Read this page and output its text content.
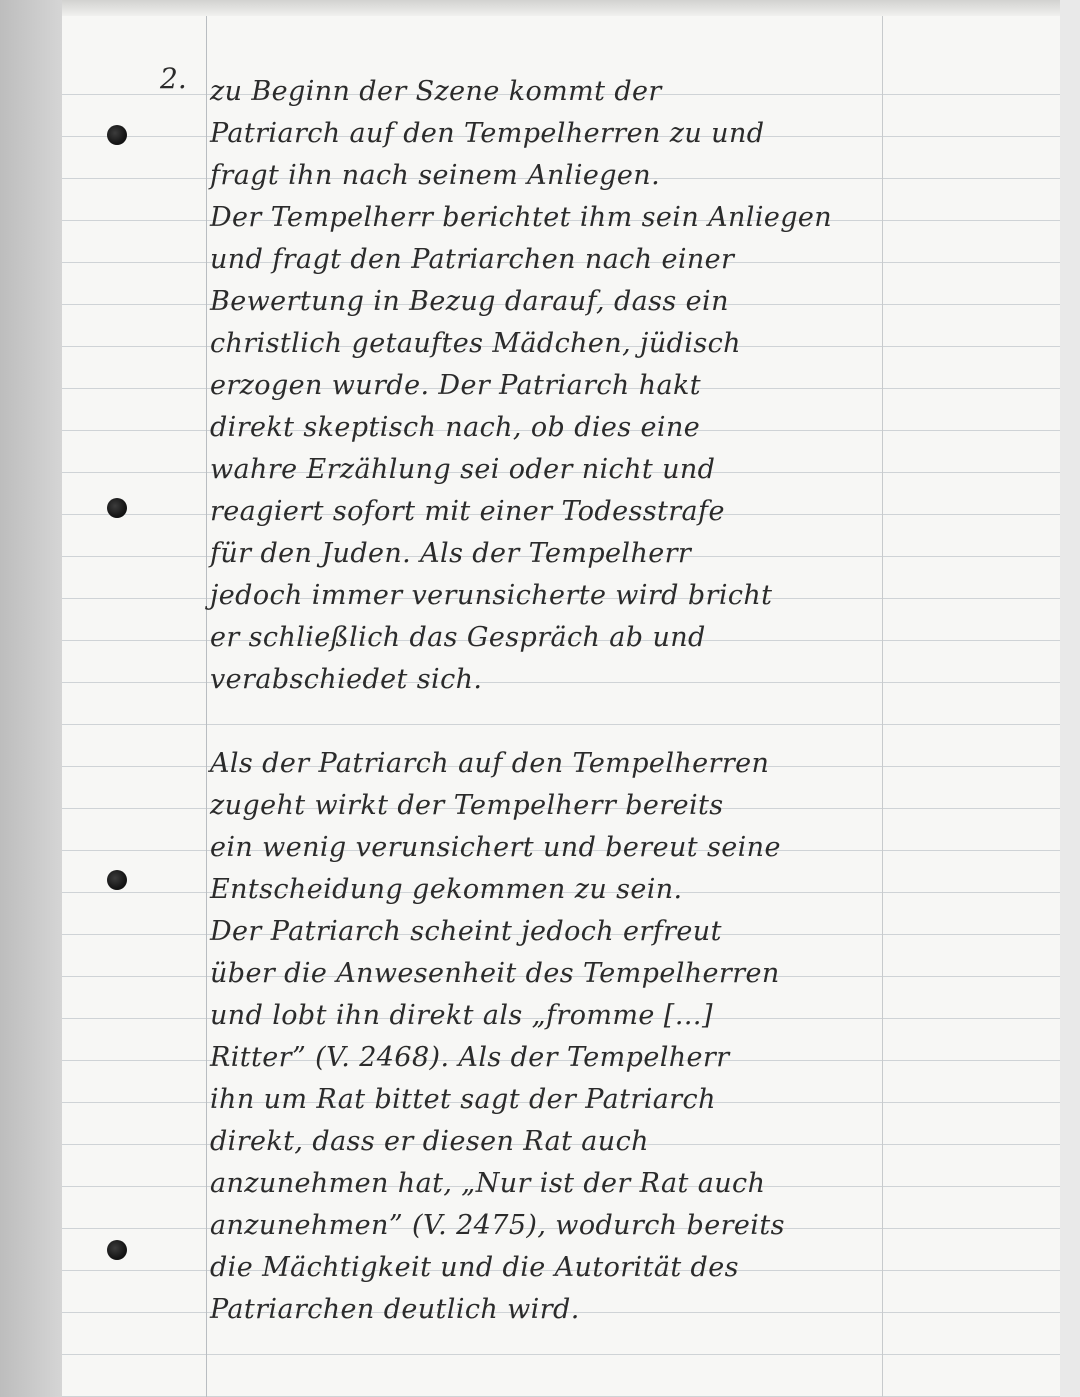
2. zu Beginn der Szene kommt der
Patriarch auf den Tempelherren zu und
fragt ihn nach seinem Anliegen.
Der Tempelherr berichtet ihm sein Anliegen
und fragt den Patriarchen nach einer
Bewertung in Bezug darauf, dass ein
christlich getauftes Mädchen, jüdisch
erzogen wurde. Der Patriarch hakt
direkt skeptisch nach, ob dies eine
wahre Erzählung sei oder nicht und
reagiert sofort mit einer Todesstrafe
für den Juden. Als der Tempelherr
jedoch immer verunsicherte wird bricht
er schließlich das Gespräch ab und
verabschiedet sich.
Als der Patriarch auf den Tempelherren
zugeht wirkt der Tempelherr bereits
ein wenig verunsichert und bereut seine
Entscheidung gekommen zu sein.
Der Patriarch scheint jedoch erfreut
über die Anwesenheit des Tempelherren
und lobt ihn direkt als „fromme […]
Ritter” (V. 2468). Als der Tempelherr
ihn um Rat bittet sagt der Patriarch
direkt, dass er diesen Rat auch
anzunehmen hat, „Nur ist der Rat auch
anzunehmen” (V. 2475), wodurch bereits
die Mächtigkeit und die Autorität des
Patriarchen deutlich wird.
